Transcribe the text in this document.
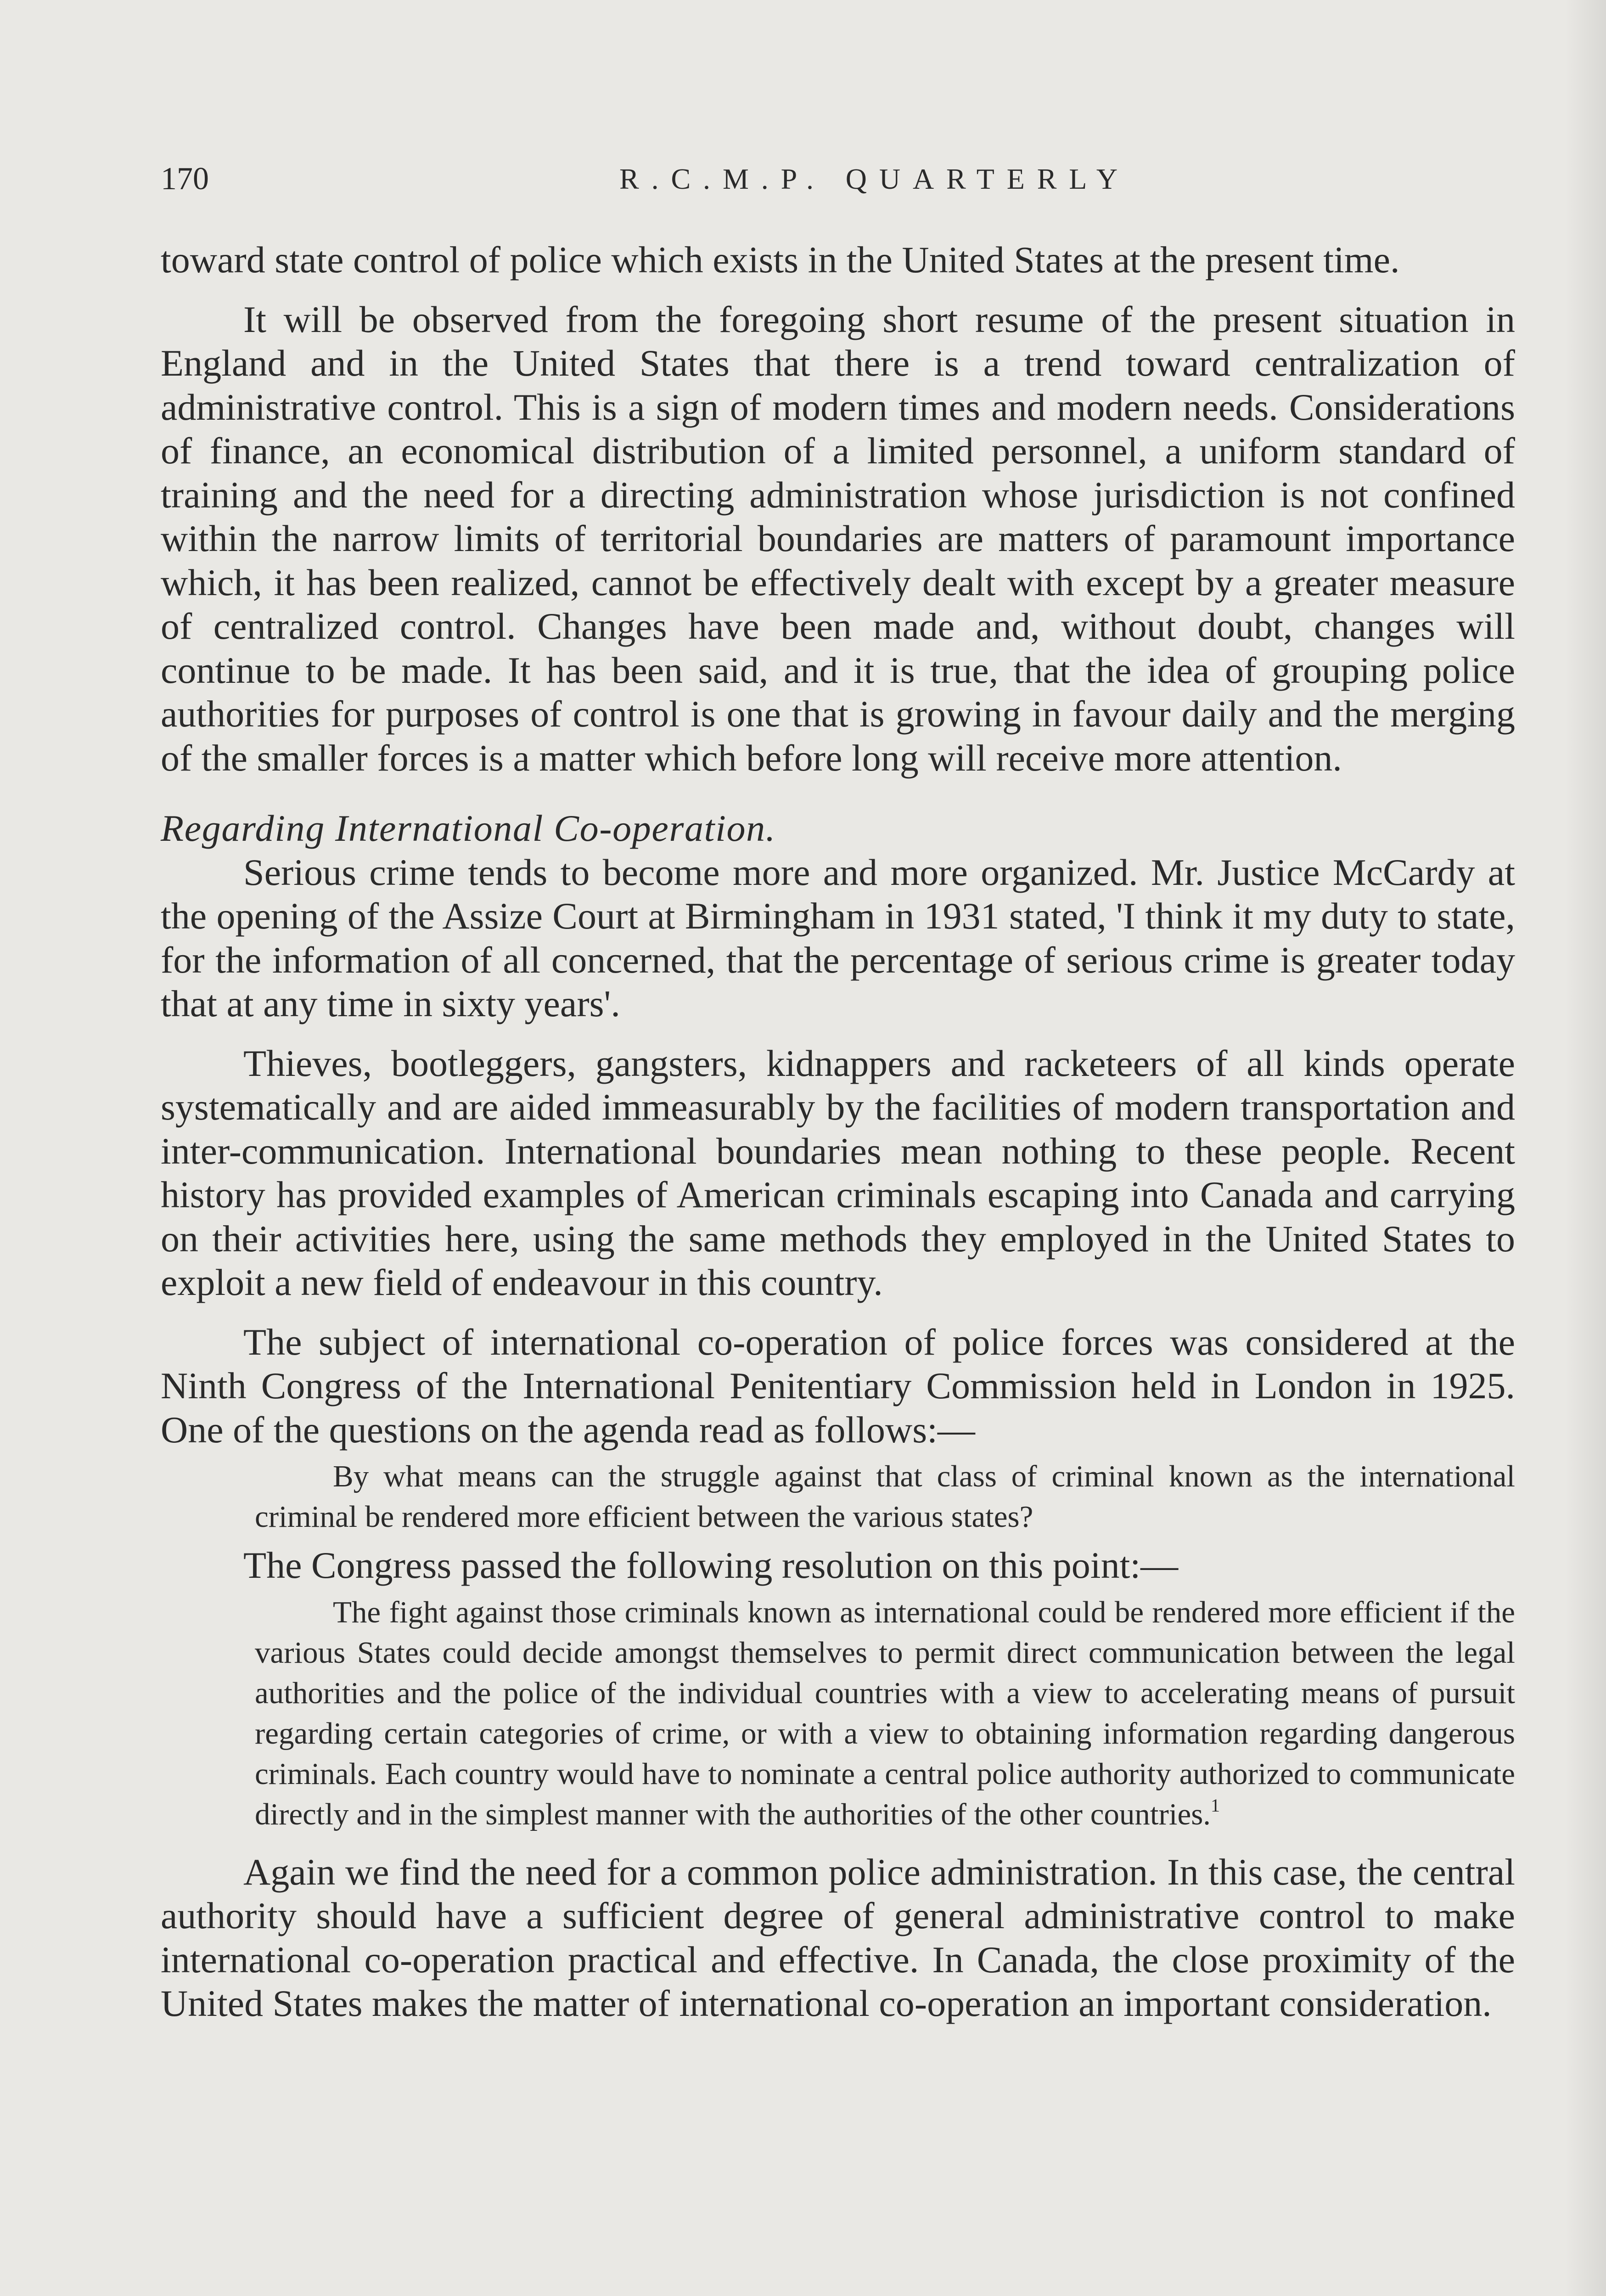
170	R.C.M.P. QUARTERLY

toward state control of police which exists in the United States at the present time.

It will be observed from the foregoing short resume of the present situation in England and in the United States that there is a trend toward centralization of administrative control. This is a sign of modern times and modern needs. Considerations of finance, an economical distribution of a limited personnel, a uniform standard of training and the need for a directing administration whose jurisdiction is not confined within the narrow limits of territorial boundaries are matters of paramount importance which, it has been realized, cannot be effectively dealt with except by a greater measure of centralized control. Changes have been made and, without doubt, changes will continue to be made. It has been said, and it is true, that the idea of grouping police authorities for purposes of control is one that is growing in favour daily and the merging of the smaller forces is a matter which before long will receive more attention.

Regarding International Co-operation.

Serious crime tends to become more and more organized. Mr. Justice McCardy at the opening of the Assize Court at Birmingham in 1931 stated, 'I think it my duty to state, for the information of all concerned, that the percentage of serious crime is greater today that at any time in sixty years'.

Thieves, bootleggers, gangsters, kidnappers and racketeers of all kinds operate systematically and are aided immeasurably by the facilities of modern transportation and inter-communication. International boundaries mean nothing to these people. Recent history has provided examples of American criminals escaping into Canada and carrying on their activities here, using the same methods they employed in the United States to exploit a new field of endeavour in this country.

The subject of international co-operation of police forces was considered at the Ninth Congress of the International Penitentiary Commission held in London in 1925. One of the questions on the agenda read as follows:—

By what means can the struggle against that class of criminal known as the international criminal be rendered more efficient between the various states?

The Congress passed the following resolution on this point:—

The fight against those criminals known as international could be rendered more efficient if the various States could decide amongst themselves to permit direct communication between the legal authorities and the police of the individual countries with a view to accelerating means of pursuit regarding certain categories of crime, or with a view to obtaining information regarding dangerous criminals. Each country would have to nominate a central police authority authorized to communicate directly and in the simplest manner with the authorities of the other countries.$^1$

Again we find the need for a common police administration. In this case, the central authority should have a sufficient degree of general administrative control to make international co-operation practical and effective. In Canada, the close proximity of the United States makes the matter of international co-operation an important consideration.
